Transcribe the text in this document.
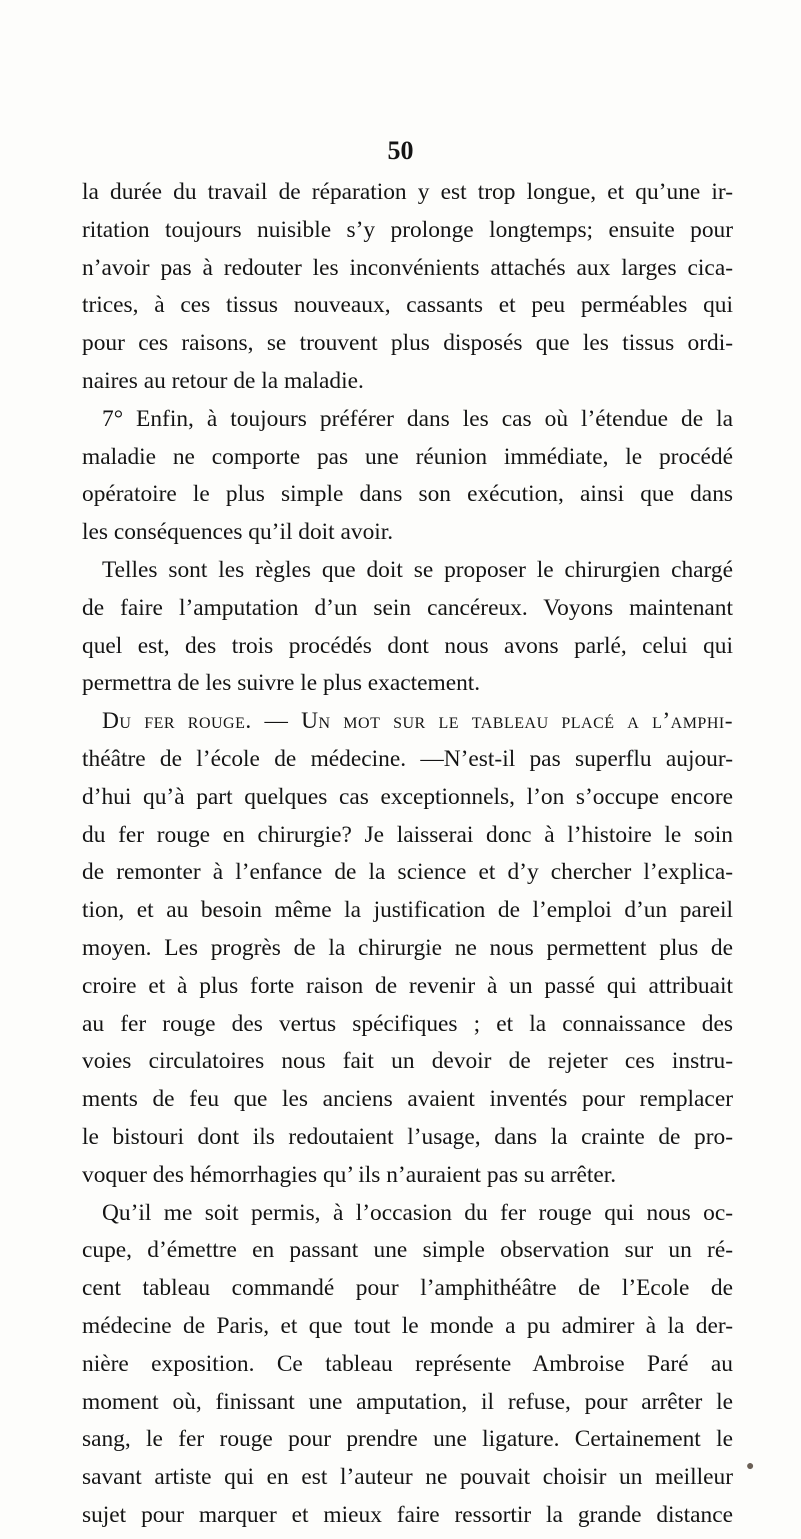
50
la durée du travail de réparation y est trop longue, et qu’une ir-
ritation toujours nuisible s’y prolonge longtemps; ensuite pour
n’avoir pas à redouter les inconvénients attachés aux larges cica-
trices, à ces tissus nouveaux, cassants et peu perméables qui
pour ces raisons, se trouvent plus disposés que les tissus ordi-
naires au retour de la maladie.
7° Enfin, à toujours préférer dans les cas où l’étendue de la
maladie ne comporte pas une réunion immédiate, le procédé
opératoire le plus simple dans son exécution, ainsi que dans
les conséquences qu’il doit avoir.
Telles sont les règles que doit se proposer le chirurgien chargé
de faire l’amputation d’un sein cancéreux. Voyons maintenant
quel est, des trois procédés dont nous avons parlé, celui qui
permettra de les suivre le plus exactement.
Du fer rouge. — Un mot sur le tableau placé a l’amphi-
théâtre de l’école de médecine. —N’est-il pas superflu aujour-
d’hui qu’à part quelques cas exceptionnels, l’on s’occupe encore
du fer rouge en chirurgie? Je laisserai donc à l’histoire le soin
de remonter à l’enfance de la science et d’y chercher l’explica-
tion, et au besoin même la justification de l’emploi d’un pareil
moyen. Les progrès de la chirurgie ne nous permettent plus de
croire et à plus forte raison de revenir à un passé qui attribuait
au fer rouge des vertus spécifiques ; et la connaissance des
voies circulatoires nous fait un devoir de rejeter ces instru-
ments de feu que les anciens avaient inventés pour remplacer
le bistouri dont ils redoutaient l’usage, dans la crainte de pro-
voquer des hémorrhagies qu’ ils n’auraient pas su arrêter.
Qu’il me soit permis, à l’occasion du fer rouge qui nous oc-
cupe, d’émettre en passant une simple observation sur un ré-
cent tableau commandé pour l’amphithéâtre de l’Ecole de
médecine de Paris, et que tout le monde a pu admirer à la der-
nière exposition. Ce tableau représente Ambroise Paré au
moment où, finissant une amputation, il refuse, pour arrêter le
sang, le fer rouge pour prendre une ligature. Certainement le
savant artiste qui en est l’auteur ne pouvait choisir un meilleur
sujet pour marquer et mieux faire ressortir la grande distance
●
